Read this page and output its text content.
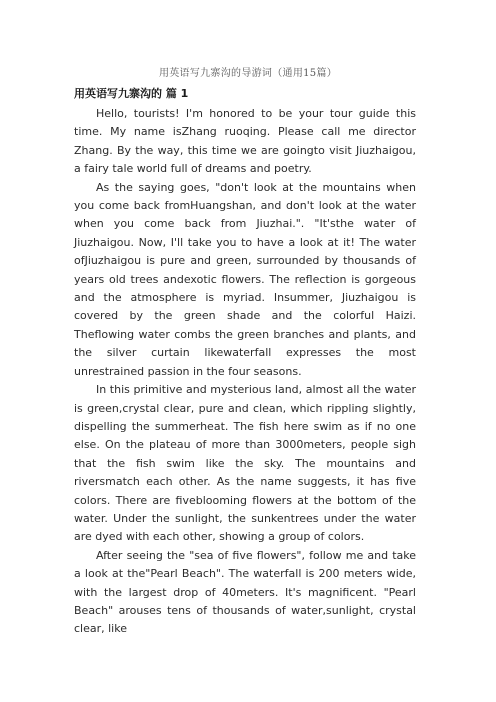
用英语写九寨沟的导游词（通用15篇）
用英语写九寨沟的 篇 1

Hello, tourists! I'm honored to be your tour guide this time. My name isZhang ruoqing. Please call me director Zhang. By the way, this time we are goingto visit Jiuzhaigou, a fairy tale world full of dreams and poetry.

As the saying goes, "don't look at the mountains when you come back fromHuangshan, and don't look at the water when you come back from Jiuzhai.". "It'sthe water of Jiuzhaigou. Now, I'll take you to have a look at it! The water ofJiuzhaigou is pure and green, surrounded by thousands of years old trees andexotic flowers. The reflection is gorgeous and the atmosphere is myriad. Insummer, Jiuzhaigou is covered by the green shade and the colorful Haizi. Theflowing water combs the green branches and plants, and the silver curtain likewaterfall expresses the most unrestrained passion in the four seasons.

In this primitive and mysterious land, almost all the water is green,crystal clear, pure and clean, which rippling slightly, dispelling the summerheat. The fish here swim as if no one else. On the plateau of more than 3000meters, people sigh that the fish swim like the sky. The mountains and riversmatch each other. As the name suggests, it has five colors. There are fiveblooming flowers at the bottom of the water. Under the sunlight, the sunkentrees under the water are dyed with each other, showing a group of colors.

After seeing the "sea of five flowers", follow me and take a look at the"Pearl Beach". The waterfall is 200 meters wide, with the largest drop of 40meters. It's magnificent. "Pearl Beach" arouses tens of thousands of water,sunlight, crystal clear, like
